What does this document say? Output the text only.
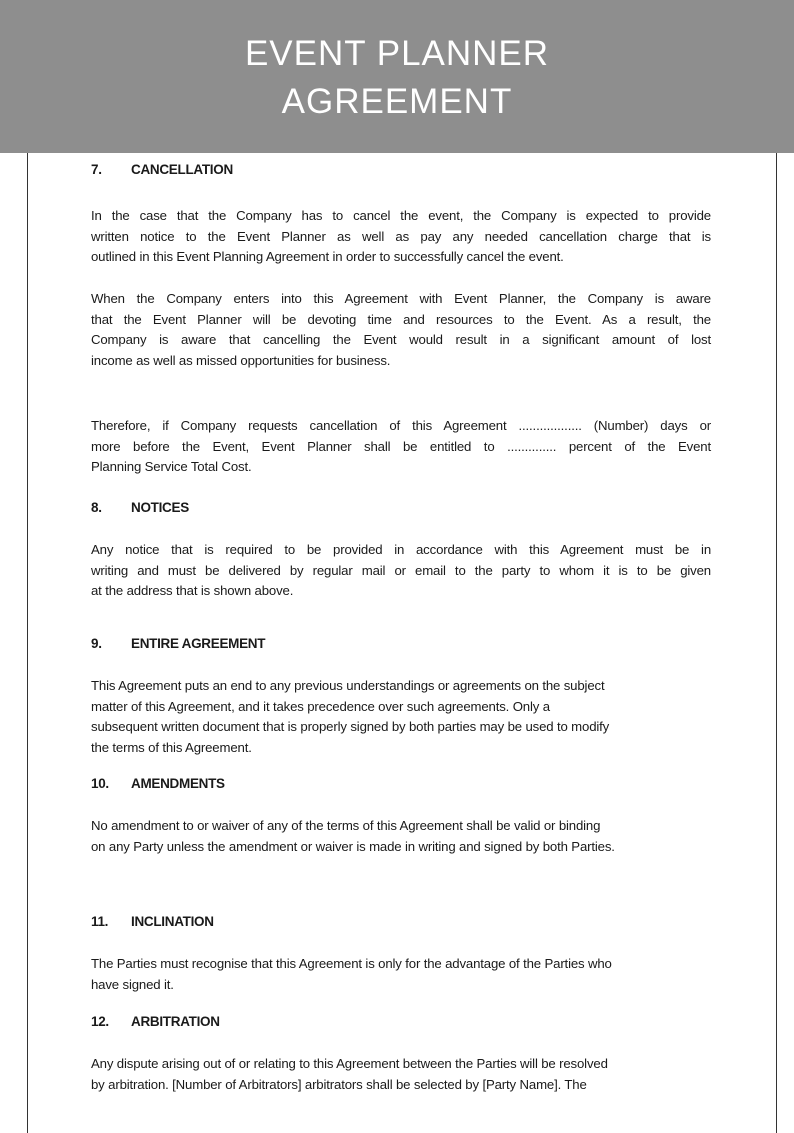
EVENT PLANNER
AGREEMENT
7. CANCELLATION
In the case that the Company has to cancel the event, the Company is expected to provide
written notice to the Event Planner as well as pay any needed cancellation charge that is
outlined in this Event Planning Agreement in order to successfully cancel the event.
When the Company enters into this Agreement with Event Planner, the Company is aware
that the Event Planner will be devoting time and resources to the Event. As a result, the
Company is aware that cancelling the Event would result in a significant amount of lost
income as well as missed opportunities for business.
Therefore, if Company requests cancellation of this Agreement .................. (Number) days or
more before the Event, Event Planner shall be entitled to .............. percent of the Event
Planning Service Total Cost.
8. NOTICES
Any notice that is required to be provided in accordance with this Agreement must be in
writing and must be delivered by regular mail or email to the party to whom it is to be given
at the address that is shown above.
9. ENTIRE AGREEMENT
This Agreement puts an end to any previous understandings or agreements on the subject
matter of this Agreement, and it takes precedence over such agreements. Only a
subsequent written document that is properly signed by both parties may be used to modify
the terms of this Agreement.
10. AMENDMENTS
No amendment to or waiver of any of the terms of this Agreement shall be valid or binding
on any Party unless the amendment or waiver is made in writing and signed by both Parties.
11. INCLINATION
The Parties must recognise that this Agreement is only for the advantage of the Parties who
have signed it.
12. ARBITRATION
Any dispute arising out of or relating to this Agreement between the Parties will be resolved
by arbitration. [Number of Arbitrators] arbitrators shall be selected by [Party Name]. The
